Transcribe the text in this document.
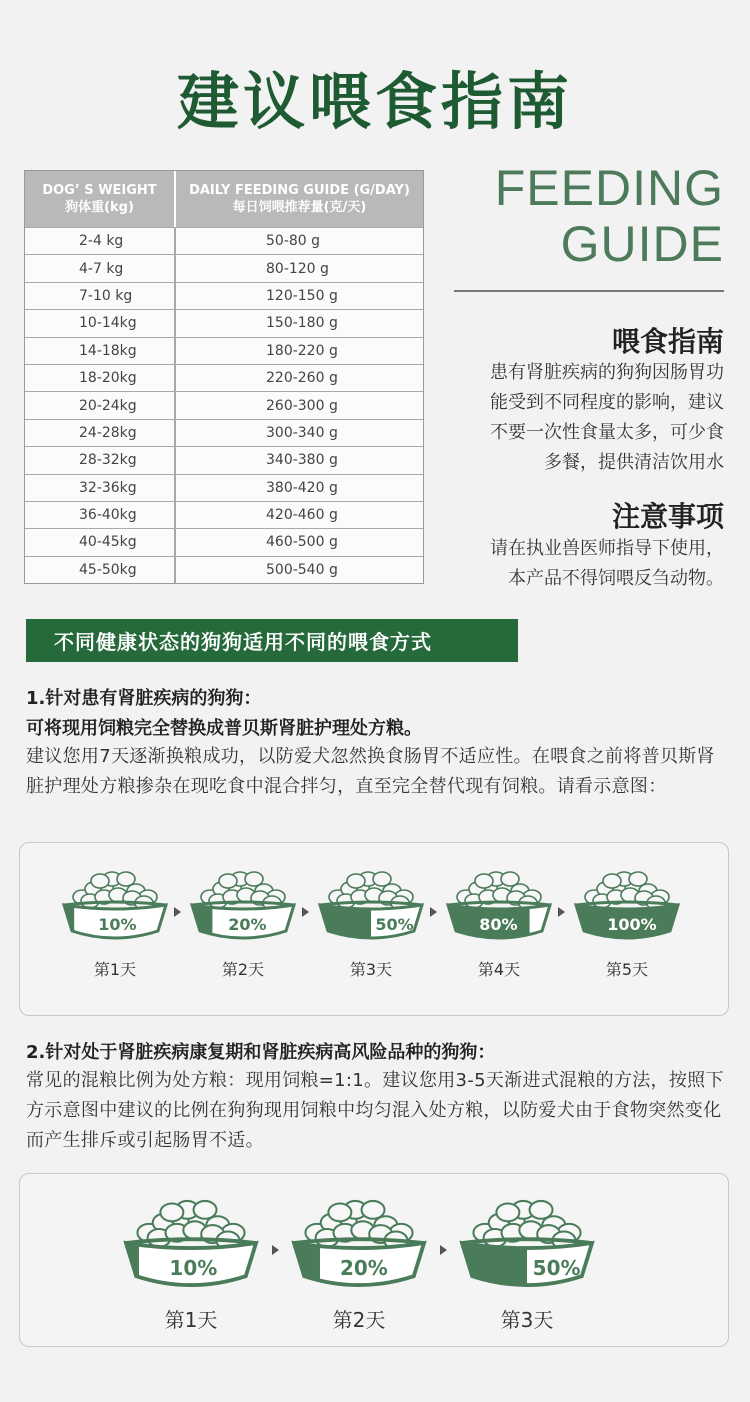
建议喂食指南
DOG’ S WEIGHT
狗体重(kg)
DAILY FEEDING GUIDE (G/DAY)
每日饲喂推荐量(克/天)
2-4 kg	50-80 g
4-7 kg	80-120 g
7-10 kg	120-150 g
10-14kg	150-180 g
14-18kg	180-220 g
18-20kg	220-260 g
20-24kg	260-300 g
24-28kg	300-340 g
28-32kg	340-380 g
32-36kg	380-420 g
36-40kg	420-460 g
40-45kg	460-500 g
45-50kg	500-540 g
FEEDING
GUIDE
喂食指南
患有肾脏疾病的狗狗因肠胃功
能受到不同程度的影响，建议
不要一次性食量太多，可少食
多餐，提供清洁饮用水
注意事项
请在执业兽医师指导下使用，
本产品不得饲喂反刍动物。
不同健康状态的狗狗适用不同的喂食方式
1.针对患有肾脏疾病的狗狗：
可将现用饲粮完全替换成普贝斯肾脏护理处方粮。
建议您用7天逐渐换粮成功，以防爱犬忽然换食肠胃不适应性。在喂食之前将普贝斯肾脏护理处方粮掺杂在现吃食中混合拌匀，直至完全替代现有饲粮。请看示意图：
10%
第1天
20%
第2天
50%
第3天
80%
第4天
100%
第5天
2.针对处于肾脏疾病康复期和肾脏疾病高风险品种的狗狗：
常见的混粮比例为处方粮：现用饲粮=1:1。建议您用3-5天渐进式混粮的方法，按照下方示意图中建议的比例在狗狗现用饲粮中均匀混入处方粮，以防爱犬由于食物突然变化而产生排斥或引起肠胃不适。
10%
第1天
20%
第2天
50%
第3天
